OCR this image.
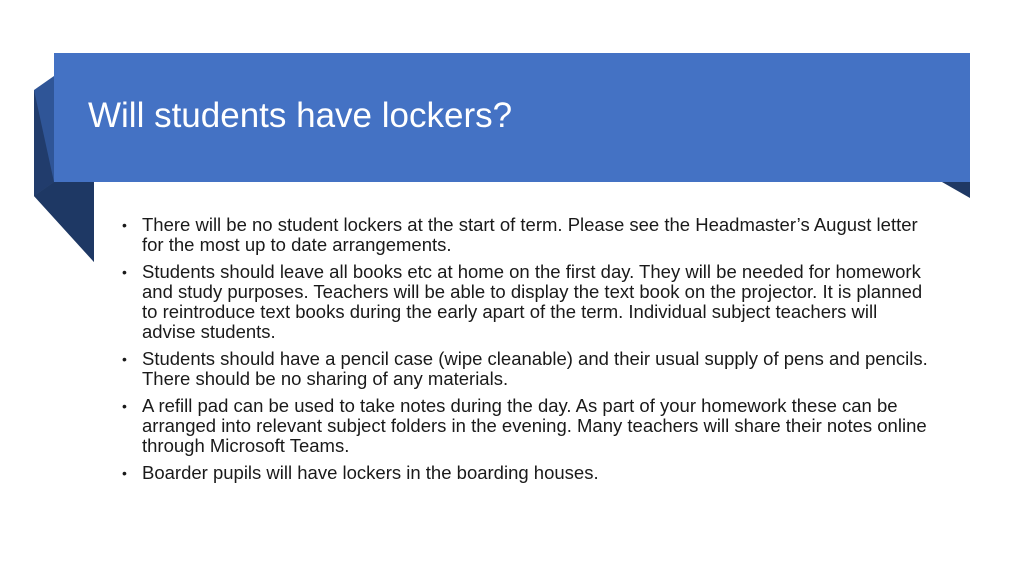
Will students have lockers?
• There will be no student lockers at the start of term. Please see the Headmaster’s August letter for the most up to date arrangements.
• Students should leave all books etc at home on the first day. They will be needed for homework and study purposes. Teachers will be able to display the text book on the projector. It is planned to reintroduce text books during the early apart of the term. Individual subject teachers will advise students.
• Students should have a pencil case (wipe cleanable) and their usual supply of pens and pencils. There should be no sharing of any materials.
• A refill pad can be used to take notes during the day. As part of your homework these can be arranged into relevant subject folders in the evening. Many teachers will share their notes online through Microsoft Teams.
• Boarder pupils will have lockers in the boarding houses.
